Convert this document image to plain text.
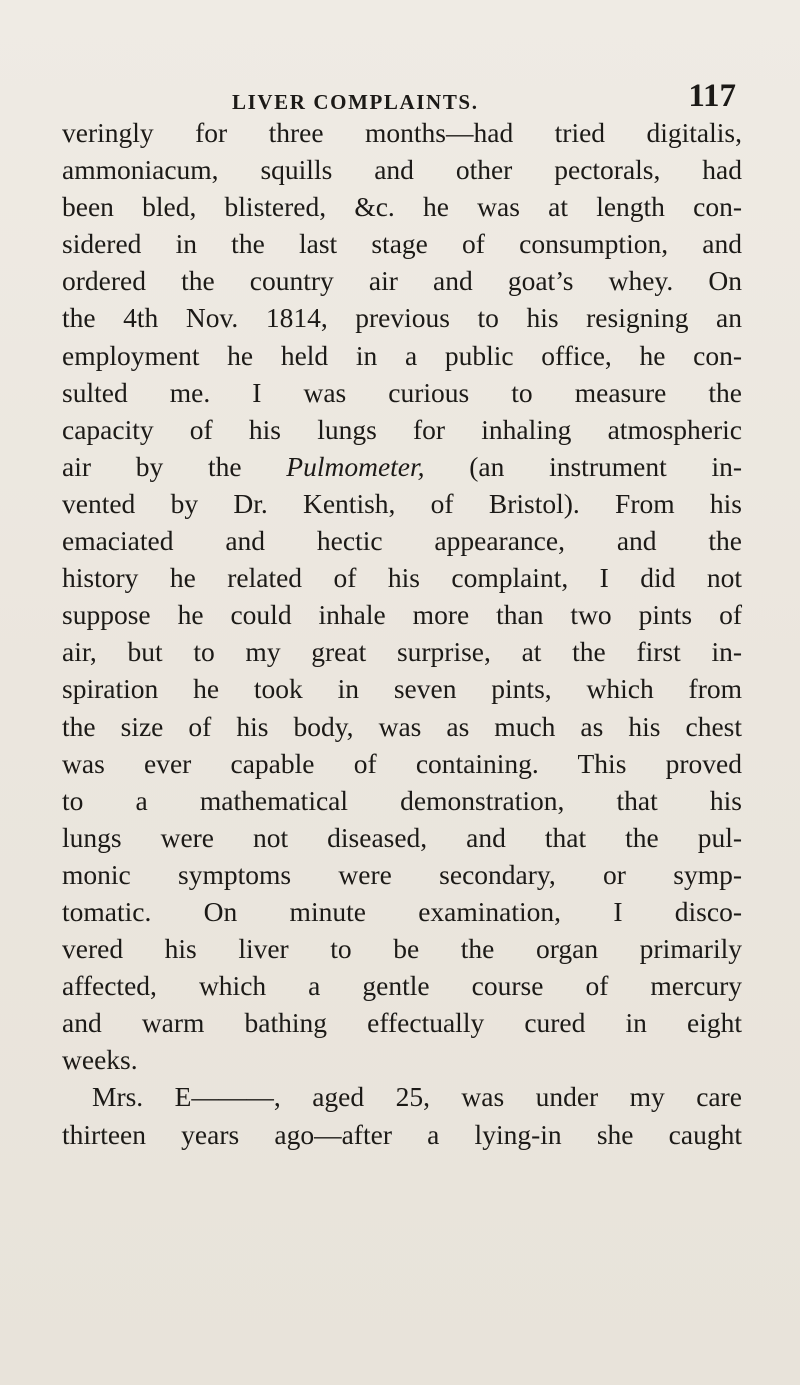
LIVER COMPLAINTS.	117
veringly for three months—had tried digitalis,
ammoniacum, squills and other pectorals, had
been bled, blistered, &c. he was at length con-
sidered in the last stage of consumption, and
ordered the country air and goat’s whey. On
the 4th Nov. 1814, previous to his resigning an
employment he held in a public office, he con-
sulted me. I was curious to measure the
capacity of his lungs for inhaling atmospheric
air by the Pulmometer, (an instrument in-
vented by Dr. Kentish, of Bristol). From his
emaciated and hectic appearance, and the
history he related of his complaint, I did not
suppose he could inhale more than two pints of
air, but to my great surprise, at the first in-
spiration he took in seven pints, which from
the size of his body, was as much as his chest
was ever capable of containing. This proved
to a mathematical demonstration, that his
lungs were not diseased, and that the pul-
monic symptoms were secondary, or symp-
tomatic. On minute examination, I disco-
vered his liver to be the organ primarily
affected, which a gentle course of mercury
and warm bathing effectually cured in eight
weeks.
Mrs. E———, aged 25, was under my care
thirteen years ago—after a lying-in she caught
